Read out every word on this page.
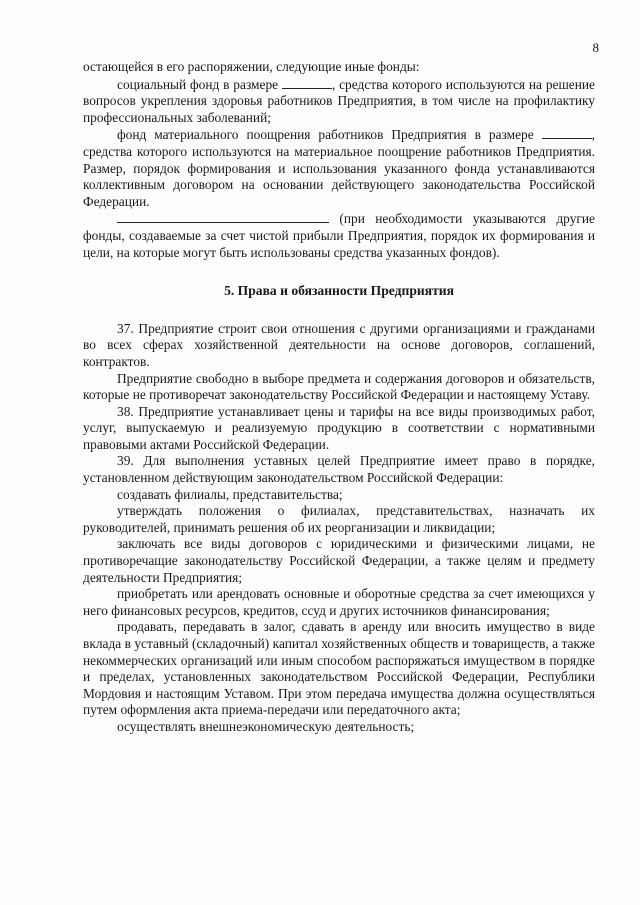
8

остающейся в его распоряжении, следующие иные фонды:

социальный фонд в размере	, средства которого используются на решение вопросов укрепления здоровья работников Предприятия, в том числе на профилактику профессиональных заболеваний;

фонд материального поощрения работников Предприятия в размере	, средства которого используются на материальное поощрение работников Предприятия. Размер, порядок формирования и использования указанного фонда устанавливаются коллективным договором на основании действующего законодательства Российской Федерации.

(при необходимости указываются другие фонды, создаваемые за счет чистой прибыли Предприятия, порядок их формирования и цели, на которые могут быть использованы средства указанных фондов).

5. Права и обязанности Предприятия

37. Предприятие строит свои отношения с другими организациями и гражданами во всех сферах хозяйственной деятельности на основе договоров, соглашений, контрактов.

Предприятие свободно в выборе предмета и содержания договоров и обязательств, которые не противоречат законодательству Российской Федерации и настоящему Уставу.

38. Предприятие устанавливает цены и тарифы на все виды производимых работ, услуг, выпускаемую и реализуемую продукцию в соответствии с нормативными правовыми актами Российской Федерации.

39. Для выполнения уставных целей Предприятие имеет право в порядке, установленном действующим законодательством Российской Федерации:

создавать филиалы, представительства;

утверждать положения о филиалах, представительствах, назначать их руководителей, принимать решения об их реорганизации и ликвидации;

заключать все виды договоров с юридическими и физическими лицами, не противоречащие законодательству Российской Федерации, а также целям и предмету деятельности Предприятия;

приобретать или арендовать основные и оборотные средства за счет имеющихся у него финансовых ресурсов, кредитов, ссуд и других источников финансирования;

продавать, передавать в залог, сдавать в аренду или вносить имущество в виде вклада в уставный (складочный) капитал хозяйственных обществ и товариществ, а также некоммерческих организаций или иным способом распоряжаться имуществом в порядке и пределах, установленных законодательством Российской Федерации, Республики Мордовия и настоящим Уставом. При этом передача имущества должна осуществляться путем оформления акта приема-передачи или передаточного акта;

осуществлять внешнеэкономическую деятельность;
